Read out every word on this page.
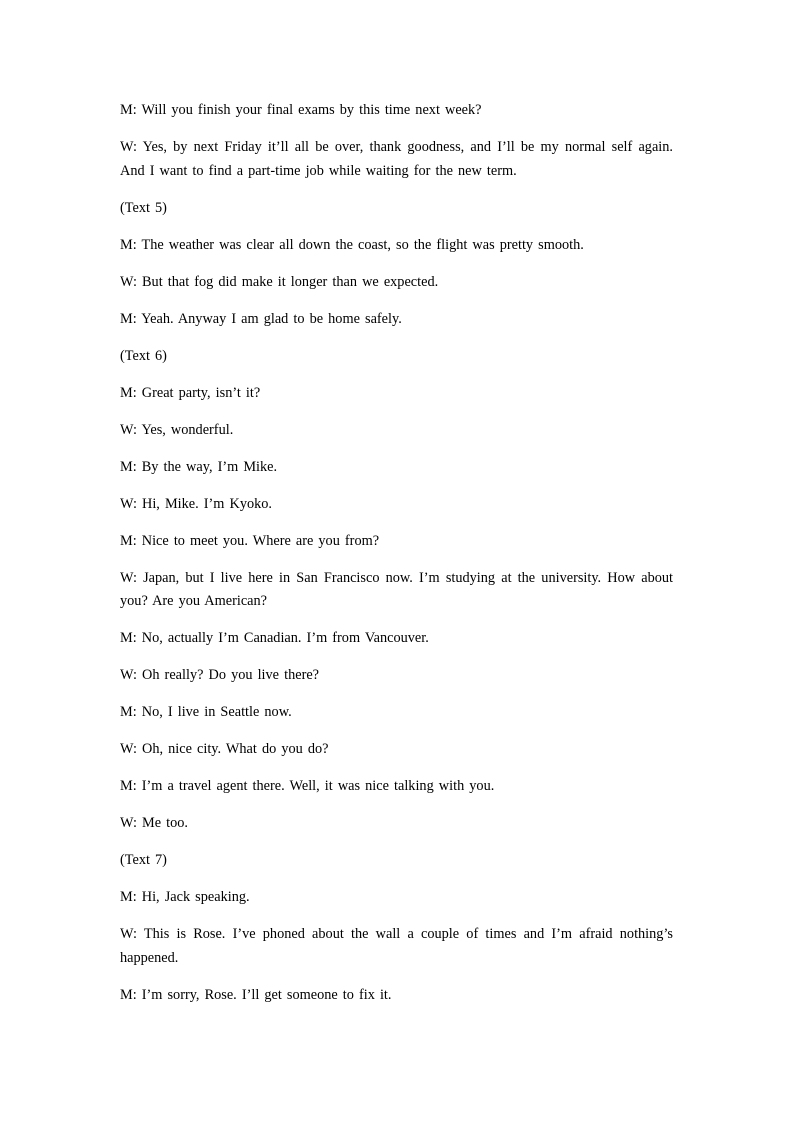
M: Will you finish your final exams by this time next week?

W: Yes, by next Friday it’ll all be over, thank goodness, and I’ll be my normal self again. And I want to find a part-time job while waiting for the new term.

(Text 5)

M: The weather was clear all down the coast, so the flight was pretty smooth.

W: But that fog did make it longer than we expected.

M: Yeah. Anyway I am glad to be home safely.

(Text 6)

M: Great party, isn’t it?

W: Yes, wonderful.

M: By the way, I’m Mike.

W: Hi, Mike. I’m Kyoko.

M: Nice to meet you. Where are you from?

W: Japan, but I live here in San Francisco now. I’m studying at the university. How about you? Are you American?

M: No, actually I’m Canadian. I’m from Vancouver.

W: Oh really? Do you live there?

M: No, I live in Seattle now.

W: Oh, nice city. What do you do?

M: I’m a travel agent there. Well, it was nice talking with you.

W: Me too.

(Text 7)

M: Hi, Jack speaking.

W: This is Rose. I’ve phoned about the wall a couple of times and I’m afraid nothing’s happened.

M: I’m sorry, Rose. I’ll get someone to fix it.
